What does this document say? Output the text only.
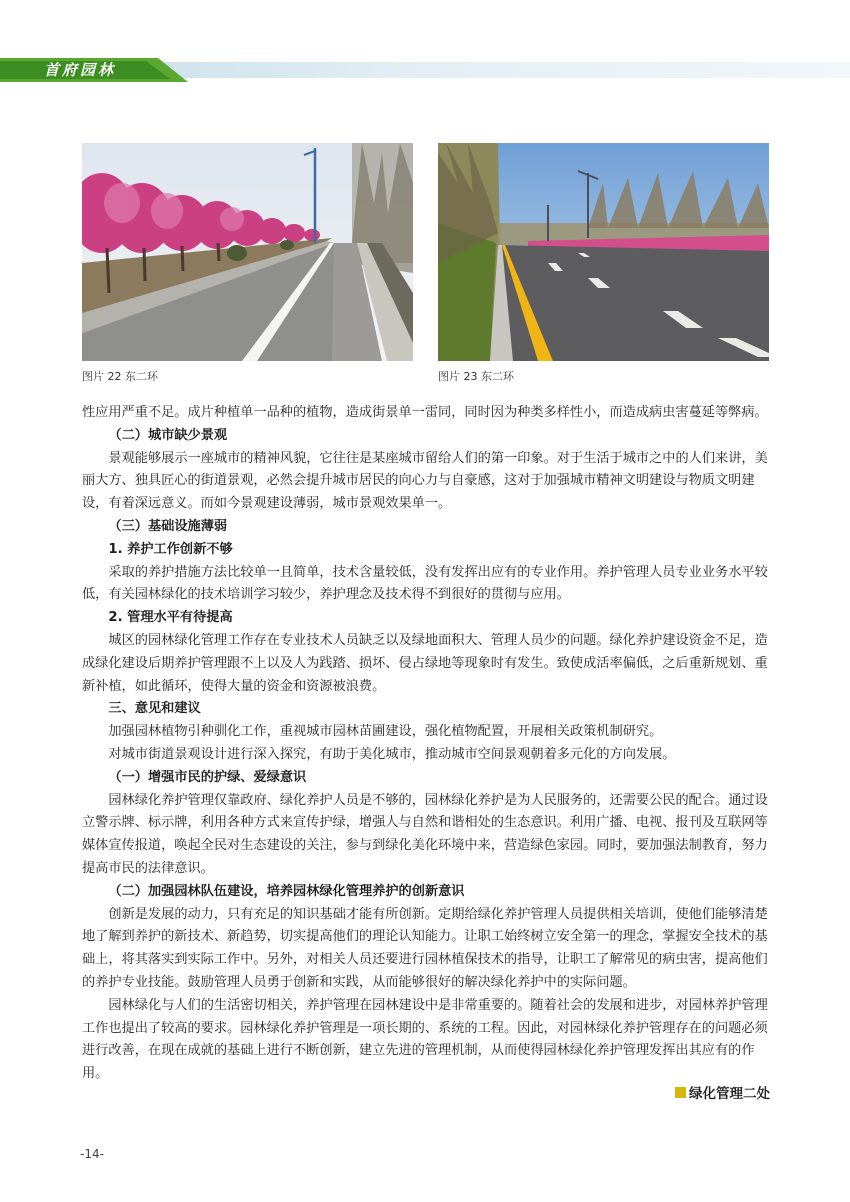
首府园林
图片 22 东二环	图片 23 东二环

性应用严重不足。成片种植单一品种的植物，造成街景单一雷同，同时因为种类多样性小，而造成病虫害蔓延等弊病。

（二）城市缺少景观

景观能够展示一座城市的精神风貌，它往往是某座城市留给人们的第一印象。对于生活于城市之中的人们来讲，美丽大方、独具匠心的街道景观，必然会提升城市居民的向心力与自豪感，这对于加强城市精神文明建设与物质文明建设，有着深远意义。而如今景观建设薄弱，城市景观效果单一。

（三）基础设施薄弱

1. 养护工作创新不够

采取的养护措施方法比较单一且简单，技术含量较低，没有发挥出应有的专业作用。养护管理人员专业业务水平较低，有关园林绿化的技术培训学习较少，养护理念及技术得不到很好的贯彻与应用。

2. 管理水平有待提高

城区的园林绿化管理工作存在专业技术人员缺乏以及绿地面积大、管理人员少的问题。绿化养护建设资金不足，造成绿化建设后期养护管理跟不上以及人为践踏、损坏、侵占绿地等现象时有发生。致使成活率偏低，之后重新规划、重新补植，如此循环，使得大量的资金和资源被浪费。

三、意见和建议

加强园林植物引种驯化工作，重视城市园林苗圃建设，强化植物配置，开展相关政策机制研究。

对城市街道景观设计进行深入探究，有助于美化城市，推动城市空间景观朝着多元化的方向发展。

（一）增强市民的护绿、爱绿意识

园林绿化养护管理仅靠政府、绿化养护人员是不够的，园林绿化养护是为人民服务的，还需要公民的配合。通过设立警示牌、标示牌，利用各种方式来宣传护绿，增强人与自然和谐相处的生态意识。利用广播、电视、报刊及互联网等媒体宣传报道，唤起全民对生态建设的关注，参与到绿化美化环境中来，营造绿色家园。同时，要加强法制教育，努力提高市民的法律意识。

（二）加强园林队伍建设，培养园林绿化管理养护的创新意识

创新是发展的动力，只有充足的知识基础才能有所创新。定期给绿化养护管理人员提供相关培训，使他们能够清楚地了解到养护的新技术、新趋势，切实提高他们的理论认知能力。让职工始终树立安全第一的理念，掌握安全技术的基础上，将其落实到实际工作中。另外，对相关人员还要进行园林植保技术的指导，让职工了解常见的病虫害，提高他们的养护专业技能。鼓励管理人员勇于创新和实践，从而能够很好的解决绿化养护中的实际问题。

园林绿化与人们的生活密切相关，养护管理在园林建设中是非常重要的。随着社会的发展和进步，对园林养护管理工作也提出了较高的要求。园林绿化养护管理是一项长期的、系统的工程。因此，对园林绿化养护管理存在的问题必须进行改善，在现在成就的基础上进行不断创新，建立先进的管理机制，从而使得园林绿化养护管理发挥出其应有的作用。

绿化管理二处
-14-
